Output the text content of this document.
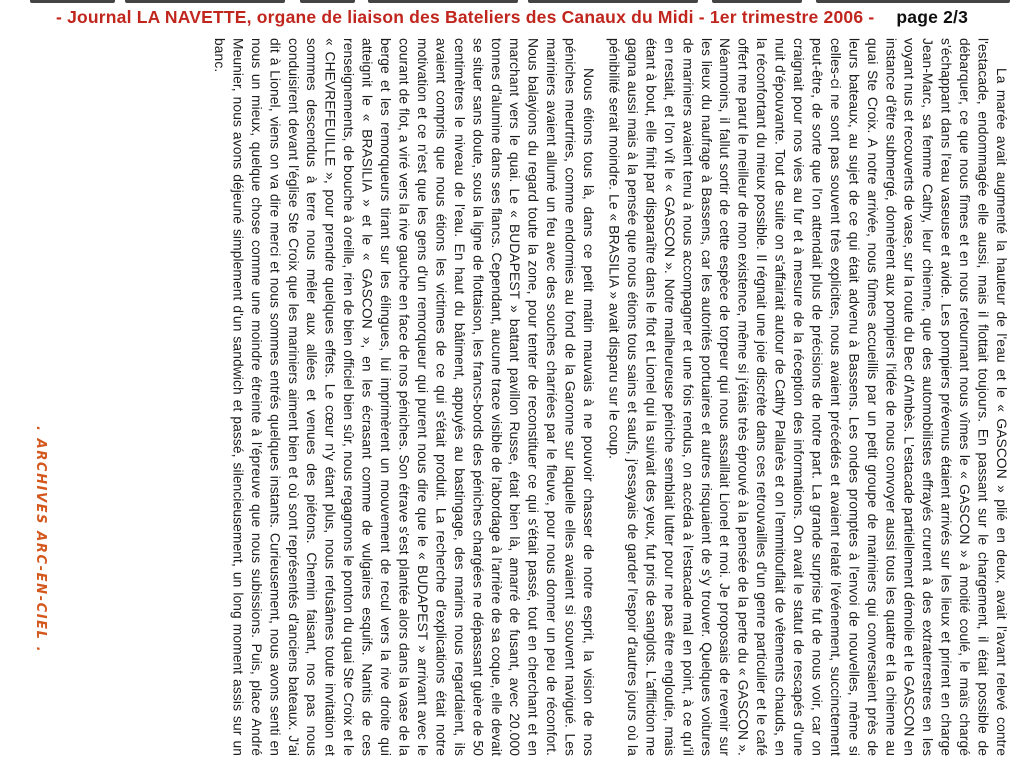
- Journal LA NAVETTE, organe de liaison des Bateliers des Canaux du Midi - 1er trimestre 2006 - page 2/3

La marée avait augmenté la hauteur de l'eau et le « GASCON » plié en deux, avait l'avant relevé contre l'estacade, endommagée elle aussi, mais il flottait toujours. En passant sur le chargement, il était possible de débarquer, ce que nous fîmes et en nous retournant nous vîmes le « GASCON » à moitié coulé, le maïs chargé s'échappant dans l'eau vaseuse et avide. Les pompiers prévenus étaient arrivés sur les lieux et prirent en charge Jean-Marc, sa femme Cathy, leur chienne, que des automobilistes effrayés crurent à des extraterrestres en les voyant nus et recouverts de vase, sur la route du Bec d'Ambès. L'estacade partiellement démolie et le GASCON en instance d'être submergé, donnèrent aux pompiers l'idée de nous convoyer aussi tous les quatre et la chienne au quai Ste Croix. A notre arrivée, nous fûmes accueillis par un petit groupe de mariniers qui conversaient près de leurs bateaux, au sujet de ce qui était advenu à Bassens. Les ondes promptes à l'envoi de nouvelles, même si celles-ci ne sont pas souvent très explicites, nous avaient précédés et avaient relaté l'événement, succinctement peut-être, de sorte que l'on attendait plus de précisions de notre part. La grande surprise fut de nous voir, car on craignait pour nos vies au fur et à mesure de la réception des informations. On avait le statut de rescapés d'une nuit d'épouvante. Tout de suite on s'affairait autour de Cathy Pallarès et on l'emmitouflait de vêtements chauds, en la réconfortant du mieux possible. Il régnait une joie discrète dans ces retrouvailles d'un genre particulier et le café offert me parut le meilleur de mon existence, même si j'étais très éprouvé à la pensée de la perte du « GASCON ». Néanmoins, il fallut sortir de cette espèce de torpeur qui nous assaillait Lionel et moi. Je proposais de revenir sur les lieux du naufrage à Bassens, car les autorités portuaires et autres risquaient de s'y trouver. Quelques voitures de mariniers avaient tenu à nous accompagner et une fois rendus, on accéda à l'estacade mal en point, à ce qu'il en restait, et l'on vît le « GASCON ». Notre malheureuse péniche semblait lutter pour ne pas être engloutie, mais étant à bout, elle finit par disparaître dans le flot et Lionel qui la suivait des yeux, fut pris de sanglots. L'affliction me gagna aussi mais à la pensée que nous étions tous sains et saufs, j'essayais de garder l'espoir d'autres jours où la pénibilité serait moindre. Le « BRASILIA » avait disparu sur le coup.

Nous étions tous là, dans ce petit matin mauvais à ne pouvoir chasser de notre esprit, la vision de nos péniches meurtries, comme endormies au fond de la Garonne sur laquelle elles avaient si souvent navigué. Les mariniers avaient allumé un feu avec des souches charriées par le fleuve, pour nous donner un peu de réconfort. Nous balayions du regard toute la zone, pour tenter de reconstituer ce qui s'était passé, tout en cherchant et en marchant vers le quai. Le « BUDAPEST » battant pavillon Russe, était bien là, amarré de fusant, avec 20.000 tonnes d'alumine dans ses flancs. Cependant, aucune trace visible de l'abordage à l'arrière de sa coque, elle devait se situer sans doute, sous la ligne de flottaison, les francs-bords des péniches chargées ne dépassant guère de 50 centimètres le niveau de l'eau. En haut du bâtiment, appuyés au bastingage, des marins nous regardaient, ils avaient compris que nous étions les victimes de ce qui s'était produit. La recherche d'explications était notre motivation et ce n'est que les gens d'un remorqueur qui purent nous dire que le « BUDAPEST » arrivant avec le courant de flot, a viré vers la rive gauche en face de nos péniches. Son étrave s'est plantée alors dans la vase de la berge et les remorqueurs tirant sur les élingues, lui imprimèrent un mouvement de recul vers la rive droite qui atteignit le « BRASILIA » et le « GASCON », en les écrasant comme de vulgaires esquifs. Nantis de ces renseignements, de bouche à oreille, rien de bien officiel bien sûr, nous regagnons le ponton du quai Ste Croix et le « CHEVREFEUILLE », pour prendre quelques effets. Le cœur n'y étant plus, nous refusâmes toute invitation et sommes descendus à terre nous mêler aux allées et venues des piétons. Chemin faisant, nos pas nous conduisirent devant l'église Ste Croix que les mariniers aiment bien et où sont représentés d'anciens bateaux. J'ai dit à Lionel, viens on va dire merci et nous sommes entrés quelques instants. Curieusement, nous avons senti en nous un mieux, quelque chose comme une moindre étreinte à l'épreuve que nous subissions. Puis, place André Meunier, nous avons déjeuné simplement d'un sandwich et passé, silencieusement, un long moment assis sur un banc.

. ARCHIVES ARC-EN-CIEL .
